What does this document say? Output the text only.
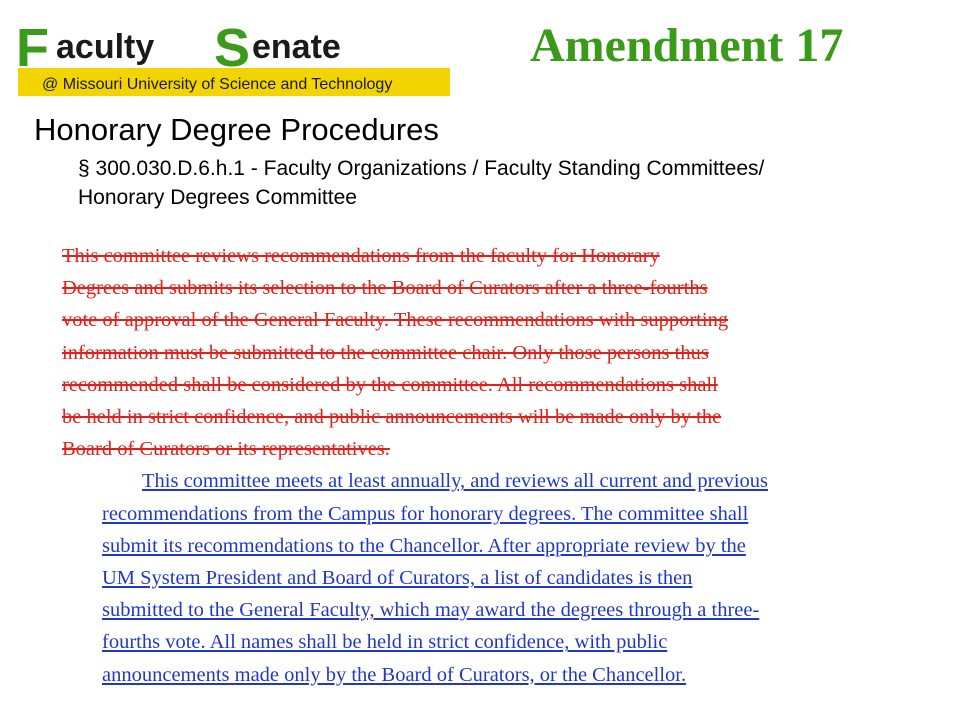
F aculty S enate
@ Missouri University of Science and Technology
Amendment 17
Honorary Degree Procedures
§ 300.030.D.6.h.1 - Faculty Organizations / Faculty Standing Committees/
Honorary Degrees Committee
This committee reviews recommendations from the faculty for Honorary
Degrees and submits its selection to the Board of Curators after a three-fourths
vote of approval of the General Faculty. These recommendations with supporting
information must be submitted to the committee chair. Only those persons thus
recommended shall be considered by the committee. All recommendations shall
be held in strict confidence, and public announcements will be made only by the
Board of Curators or its representatives.
This committee meets at least annually, and reviews all current and previous
recommendations from the Campus for honorary degrees. The committee shall
submit its recommendations to the Chancellor. After appropriate review by the
UM System President and Board of Curators, a list of candidates is then
submitted to the General Faculty, which may award the degrees through a three-
fourths vote. All names shall be held in strict confidence, with public
announcements made only by the Board of Curators, or the Chancellor.
